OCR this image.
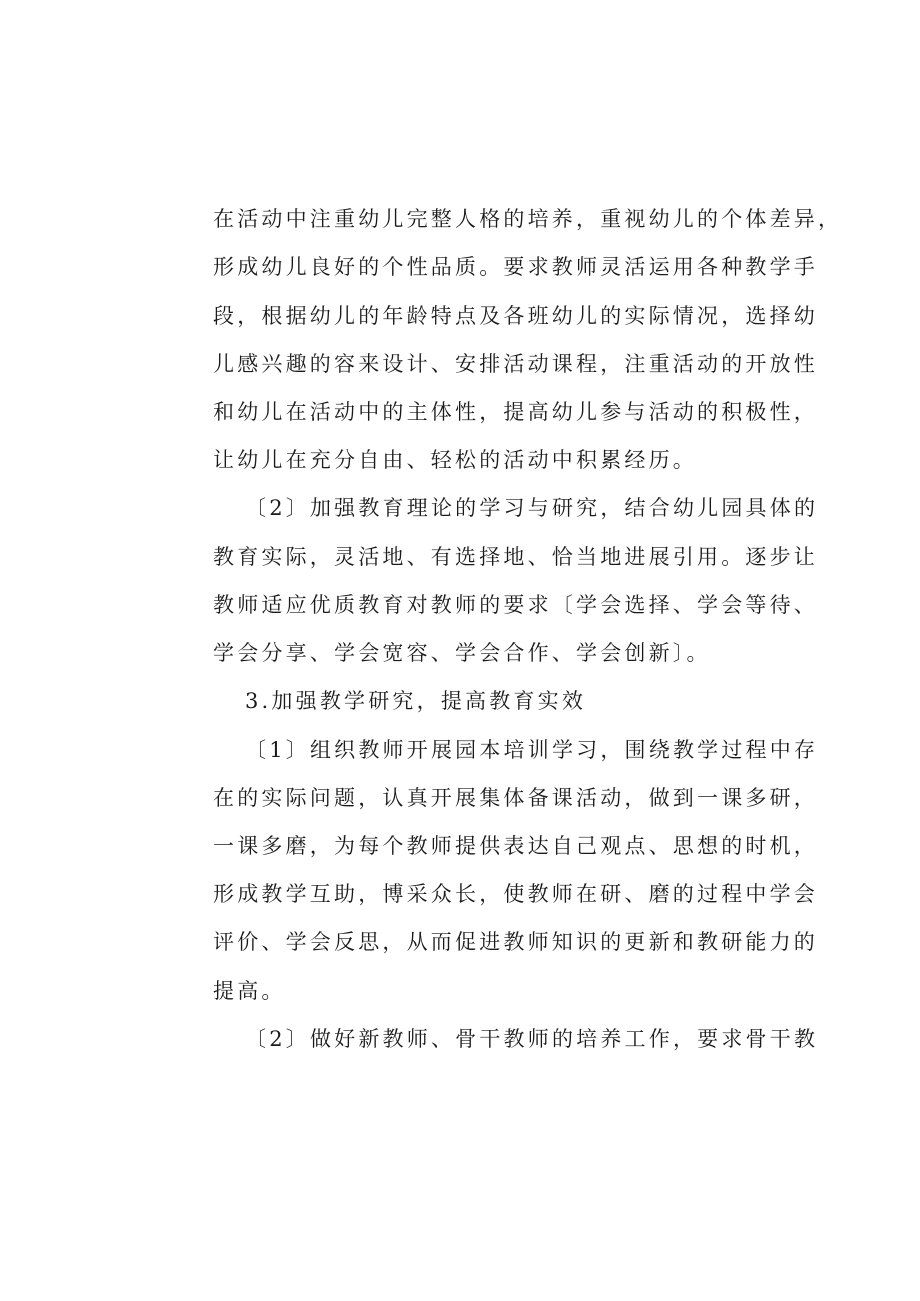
在活动中注重幼儿完整人格的培养，重视幼儿的个体差异，
形成幼儿良好的个性品质。要求教师灵活运用各种教学手
段，根据幼儿的年龄特点及各班幼儿的实际情况，选择幼
儿感兴趣的容来设计、安排活动课程，注重活动的开放性
和幼儿在活动中的主体性，提高幼儿参与活动的积极性，
让幼儿在充分自由、轻松的活动中积累经历。
〔2〕加强教育理论的学习与研究，结合幼儿园具体的
教育实际，灵活地、有选择地、恰当地进展引用。逐步让
教师适应优质教育对教师的要求〔学会选择、学会等待、
学会分享、学会宽容、学会合作、学会创新〕。
3.加强教学研究，提高教育实效
〔1〕组织教师开展园本培训学习，围绕教学过程中存
在的实际问题，认真开展集体备课活动，做到一课多研，
一课多磨，为每个教师提供表达自己观点、思想的时机，
形成教学互助，博采众长，使教师在研、磨的过程中学会
评价、学会反思，从而促进教师知识的更新和教研能力的
提高。
〔2〕做好新教师、骨干教师的培养工作，要求骨干教
